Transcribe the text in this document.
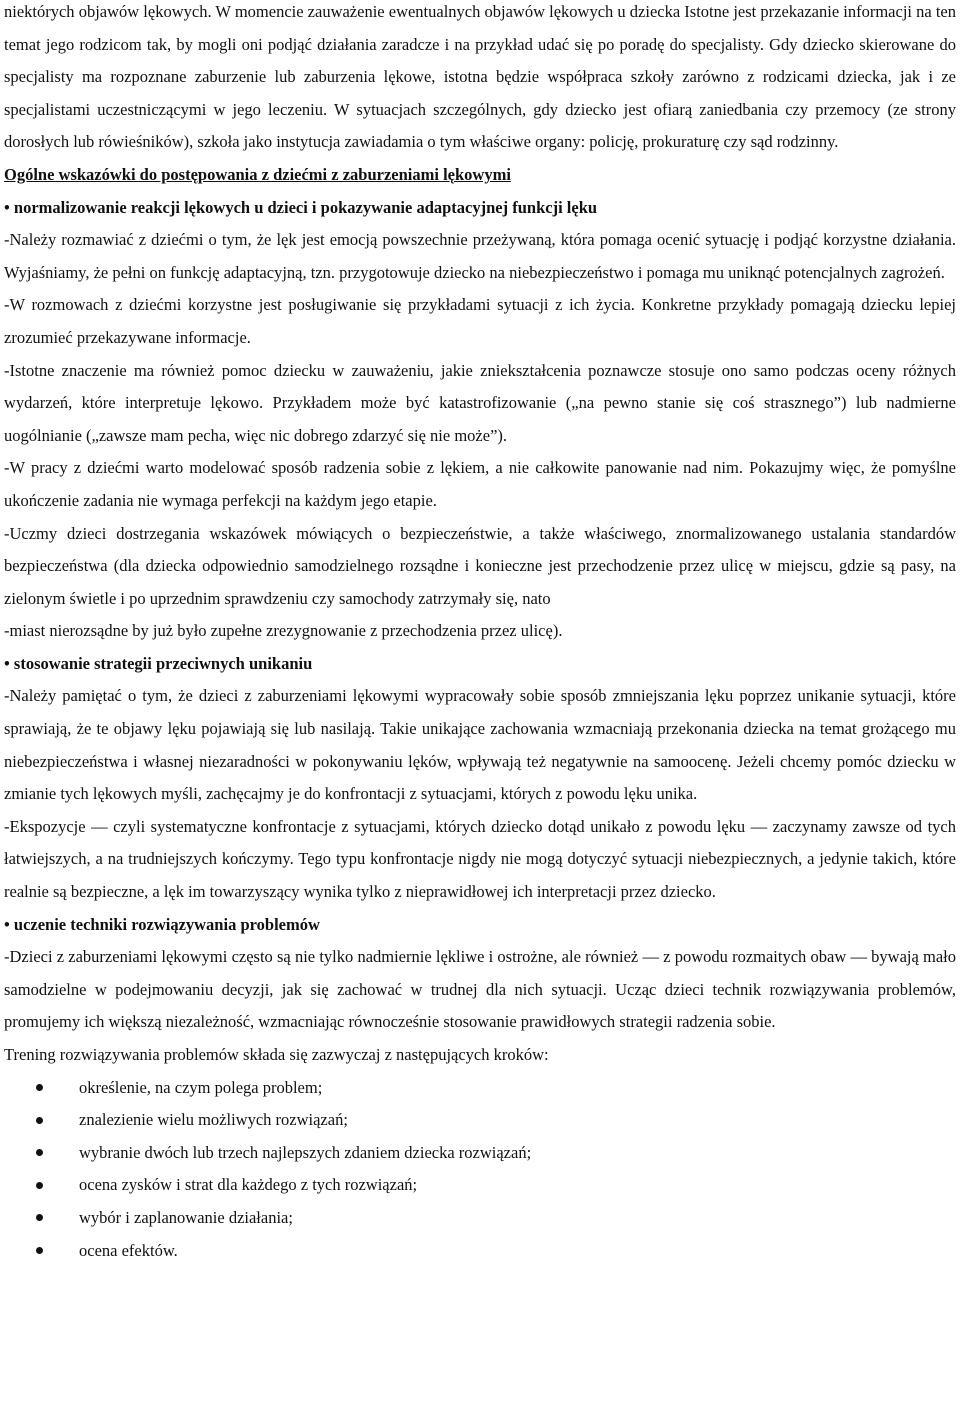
niektórych objawów lękowych. W momencie zauważenie ewentualnych objawów lękowych u dziecka Istotne jest przekazanie informacji na ten temat jego rodzicom tak, by mogli oni podjąć działania zaradcze i na przykład udać się po poradę do specjalisty. Gdy dziecko skierowane do specjalisty ma rozpoznane zaburzenie lub zaburzenia lękowe, istotna będzie współpraca szkoły zarówno z rodzicami dziecka, jak i ze specjalistami uczestniczącymi w jego leczeniu. W sytuacjach szczególnych, gdy dziecko jest ofiarą zaniedbania czy przemocy (ze strony dorosłych lub rówieśników), szkoła jako instytucja zawiadamia o tym właściwe organy: policję, prokuraturę czy sąd rodzinny.

Ogólne wskazówki do postępowania z dziećmi z zaburzeniami lękowymi

• normalizowanie reakcji lękowych u dzieci i pokazywanie adaptacyjnej funkcji lęku

-Należy rozmawiać z dziećmi o tym, że lęk jest emocją powszechnie przeżywaną, która pomaga ocenić sytuację i podjąć korzystne działania. Wyjaśniamy, że pełni on funkcję adaptacyjną, tzn. przygotowuje dziecko na niebezpieczeństwo i pomaga mu uniknąć potencjalnych zagrożeń.

-W rozmowach z dziećmi korzystne jest posługiwanie się przykładami sytuacji z ich życia. Konkretne przykłady pomagają dziecku lepiej zrozumieć przekazywane informacje.

-Istotne znaczenie ma również pomoc dziecku w zauważeniu, jakie zniekształcenia poznawcze stosuje ono samo podczas oceny różnych wydarzeń, które interpretuje lękowo. Przykładem może być katastrofizowanie („na pewno stanie się coś strasznego”) lub nadmierne uogólnianie („zawsze mam pecha, więc nic dobrego zdarzyć się nie może”).

-W pracy z dziećmi warto modelować sposób radzenia sobie z lękiem, a nie całkowite panowanie nad nim. Pokazujmy więc, że pomyślne ukończenie zadania nie wymaga perfekcji na każdym jego etapie.

-Uczmy dzieci dostrzegania wskazówek mówiących o bezpieczeństwie, a także właściwego, znormalizowanego ustalania standardów bezpieczeństwa (dla dziecka odpowiednio samodzielnego rozsądne i konieczne jest przechodzenie przez ulicę w miejscu, gdzie są pasy, na zielonym świetle i po uprzednim sprawdzeniu czy samochody zatrzymały się, nato

-miast nierozsądne by już było zupełne zrezygnowanie z przechodzenia przez ulicę).

• stosowanie strategii przeciwnych unikaniu

-Należy pamiętać o tym, że dzieci z zaburzeniami lękowymi wypracowały sobie sposób zmniejszania lęku poprzez unikanie sytuacji, które sprawiają, że te objawy lęku pojawiają się lub nasilają. Takie unikające zachowania wzmacniają przekonania dziecka na temat grożącego mu niebezpieczeństwa i własnej niezaradności w pokonywaniu lęków, wpływają też negatywnie na samoocenę. Jeżeli chcemy pomóc dziecku w zmianie tych lękowych myśli, zachęcajmy je do konfrontacji z sytuacjami, których z powodu lęku unika.

-Ekspozycje — czyli systematyczne konfrontacje z sytuacjami, których dziecko dotąd unikało z powodu lęku — zaczynamy zawsze od tych łatwiejszych, a na trudniejszych kończymy. Tego typu konfrontacje nigdy nie mogą dotyczyć sytuacji niebezpiecznych, a jedynie takich, które realnie są bezpieczne, a lęk im towarzyszący wynika tylko z nieprawidłowej ich interpretacji przez dziecko.

• uczenie techniki rozwiązywania problemów

-Dzieci z zaburzeniami lękowymi często są nie tylko nadmiernie lękliwe i ostrożne, ale również — z powodu rozmaitych obaw — bywają mało samodzielne w podejmowaniu decyzji, jak się zachować w trudnej dla nich sytuacji. Ucząc dzieci technik rozwiązywania problemów, promujemy ich większą niezależność, wzmacniając równocześnie stosowanie prawidłowych strategii radzenia sobie.

Trening rozwiązywania problemów składa się zazwyczaj z następujących kroków:

określenie, na czym polega problem;
znalezienie wielu możliwych rozwiązań;
wybranie dwóch lub trzech najlepszych zdaniem dziecka rozwiązań;
ocena zysków i strat dla każdego z tych rozwiązań;
wybór i zaplanowanie działania;
ocena efektów.
